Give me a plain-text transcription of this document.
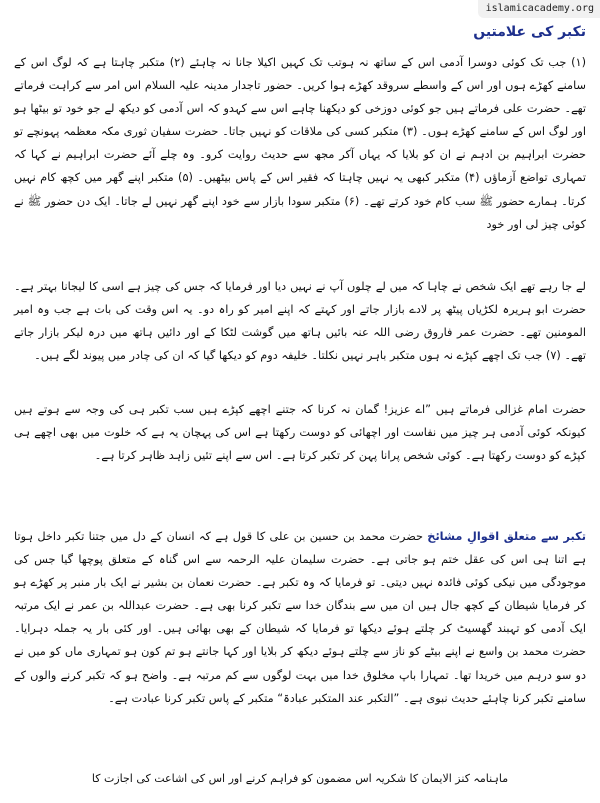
islamicacademy.org
تکبر کی علامتیں

(۱) جب تک کوئی دوسرا آدمی اس کے ساتھ نہ ہوتب تک کہیں اکیلا جانا نہ چاہئے (۲) متکبر چاہتا ہے کہ لوگ اس کے سامنے کھڑے ہوں اور اس کے واسطے سروقد کھڑے ہوا کریں۔ حضور تاجدار مدینہ علیہ السلام اس امر سے کراہت فرماتے تھے۔ حضرت علی فرماتے ہیں جو کوئی دوزخی کو دیکھنا چاہے اس سے کہدو کہ اس آدمی کو دیکھ لے جو خود تو بیٹھا ہو اور لوگ اس کے سامنے کھڑے ہوں۔ (۳) متکبر کسی کی ملاقات کو نہیں جاتا۔ حضرت سفیان ثوری مکہ معظمہ پہونچے تو حضرت ابراہیم بن ادہم نے ان کو بلایا کہ یہاں آکر مجھ سے حدیث روایت کرو۔ وہ چلے آئے حضرت ابراہیم نے کہا کہ تمہاری تواضع آزماؤں (۴) متکبر کبھی یہ نہیں چاہتا کہ فقیر اس کے پاس بیٹھیں۔ (۵) متکبر اپنے گھر میں کچھ کام نہیں کرتا۔ ہمارے حضور ﷺ سب کام خود کرتے تھے۔ (۶) متکبر سودا بازار سے خود اپنے گھر نہیں لے جاتا۔ ایک دن حضور ﷺ نے کوئی چیز لی اور خود

لے جا رہے تھے ایک شخص نے چاہا کہ میں لے چلوں آپ نے نہیں دیا اور فرمایا کہ جس کی چیز ہے اسی کا لیجانا بہتر ہے۔ حضرت ابو ہریرہ لکڑیاں پیٹھ پر لادے بازار جاتے اور کہتے کہ اپنے امیر کو راہ دو۔ یہ اس وقت کی بات ہے جب وہ امیر المومنین تھے۔ حضرت عمر فاروق رضی اللہ عنہ بائیں ہاتھ میں گوشت لٹکا کے اور دائیں ہاتھ میں درہ لیکر بازار جاتے تھے۔ (۷) جب تک اچھے کپڑے نہ ہوں متکبر باہر نہیں نکلتا۔ خلیفہ دوم کو دیکھا گیا کہ ان کی چادر میں پیوند لگے ہیں۔

حضرت امام غزالی فرماتے ہیں ”اے عزیز! گمان نہ کرنا کہ جتنے اچھے کپڑے ہیں سب تکبر ہی کی وجہ سے ہوتے ہیں کیونکہ کوئی آدمی ہر چیز میں نفاست اور اچھائی کو دوست رکھتا ہے اس کی پہچان یہ ہے کہ خلوت میں بھی اچھے ہی کپڑے کو دوست رکھتا ہے۔ کوئی شخص پرانا پہن کر تکبر کرتا ہے۔ اس سے اپنے تئیں زاہد ظاہر کرتا ہے۔

تکبر سے متعلق اقوالِ مشائخ حضرت محمد بن حسین بن علی کا قول ہے کہ انسان کے دل میں جتنا تکبر داخل ہوتا ہے اتنا ہی اس کی عقل ختم ہو جاتی ہے۔ حضرت سلیمان علیہ الرحمہ سے اس گناہ کے متعلق پوچھا گیا جس کی موجودگی میں نیکی کوئی فائدہ نہیں دیتی۔ تو فرمایا کہ وہ تکبر ہے۔ حضرت نعمان بن بشیر نے ایک بار منبر پر کھڑے ہو کر فرمایا شیطان کے کچھ جال ہیں ان میں سے بندگان خدا سے تکبر کرنا بھی ہے۔ حضرت عبداللہ بن عمر نے ایک مرتبہ ایک آدمی کو تہبند گھسیٹ کر چلتے ہوئے دیکھا تو فرمایا کہ شیطان کے بھی بھائی ہیں۔ اور کئی بار یہ جملہ دہرایا۔ حضرت محمد بن واسع نے اپنے بیٹے کو ناز سے چلتے ہوئے دیکھ کر بلایا اور کہا جانتے ہو تم کون ہو تمہاری ماں کو میں نے دو سو درہم میں خریدا تھا۔ تمہارا باپ مخلوق خدا میں بہت لوگوں سے کم مرتبہ ہے۔ واضح ہو کہ تکبر کرنے والوں کے سامنے تکبر کرنا چاہئے حدیث نبوی ہے۔ ”التکبر عند المتکبر عبادۃ“ متکبر کے پاس تکبر کرنا عبادت ہے۔

ماہنامہ کنز الایمان کا شکریہ اس مضمون کو فراہم کرنے اور اس کی اشاعت کی اجازت کا
